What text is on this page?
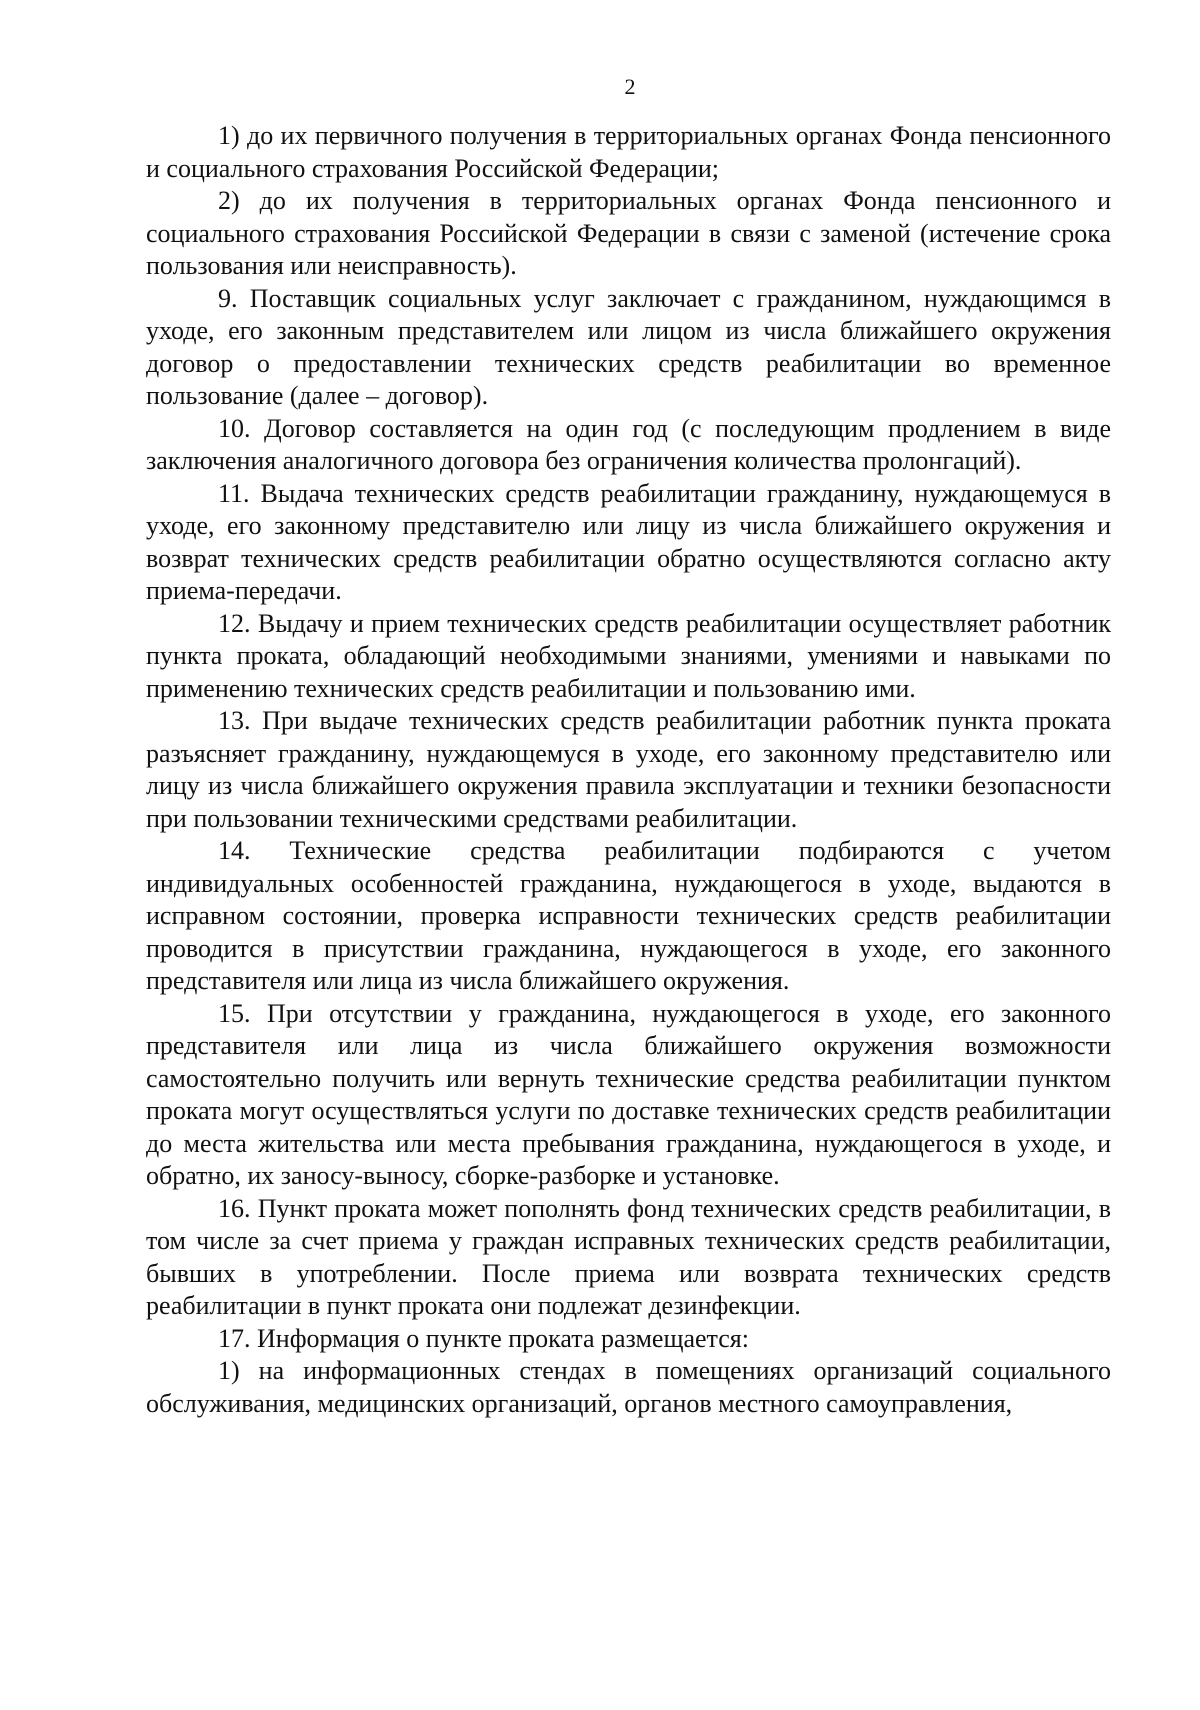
2

1) до их первичного получения в территориальных органах Фонда пенсионного и социального страхования Российской Федерации;

2) до их получения в территориальных органах Фонда пенсионного и социального страхования Российской Федерации в связи с заменой (истечение срока пользования или неисправность).

9. Поставщик социальных услуг заключает с гражданином, нуждающимся в уходе, его законным представителем или лицом из числа ближайшего окружения договор о предоставлении технических средств реабилитации во временное пользование (далее – договор).

10. Договор составляется на один год (с последующим продлением в виде заключения аналогичного договора без ограничения количества пролонгаций).

11. Выдача технических средств реабилитации гражданину, нуждающемуся в уходе, его законному представителю или лицу из числа ближайшего окружения и возврат технических средств реабилитации обратно осуществляются согласно акту приема-передачи.

12. Выдачу и прием технических средств реабилитации осуществляет работник пункта проката, обладающий необходимыми знаниями, умениями и навыками по применению технических средств реабилитации и пользованию ими.

13. При выдаче технических средств реабилитации работник пункта проката разъясняет гражданину, нуждающемуся в уходе, его законному представителю или лицу из числа ближайшего окружения правила эксплуатации и техники безопасности при пользовании техническими средствами реабилитации.

14. Технические средства реабилитации подбираются с учетом индивидуальных особенностей гражданина, нуждающегося в уходе, выдаются в исправном состоянии, проверка исправности технических средств реабилитации проводится в присутствии гражданина, нуждающегося в уходе, его законного представителя или лица из числа ближайшего окружения.

15. При отсутствии у гражданина, нуждающегося в уходе, его законного представителя или лица из числа ближайшего окружения возможности самостоятельно получить или вернуть технические средства реабилитации пунктом проката могут осуществляться услуги по доставке технических средств реабилитации до места жительства или места пребывания гражданина, нуждающегося в уходе, и обратно, их заносу-выносу, сборке-разборке и установке.

16. Пункт проката может пополнять фонд технических средств реабилитации, в том числе за счет приема у граждан исправных технических средств реабилитации, бывших в употреблении. После приема или возврата технических средств реабилитации в пункт проката они подлежат дезинфекции.

17. Информация о пункте проката размещается:

1) на информационных стендах в помещениях организаций социального обслуживания, медицинских организаций, органов местного самоуправления,
